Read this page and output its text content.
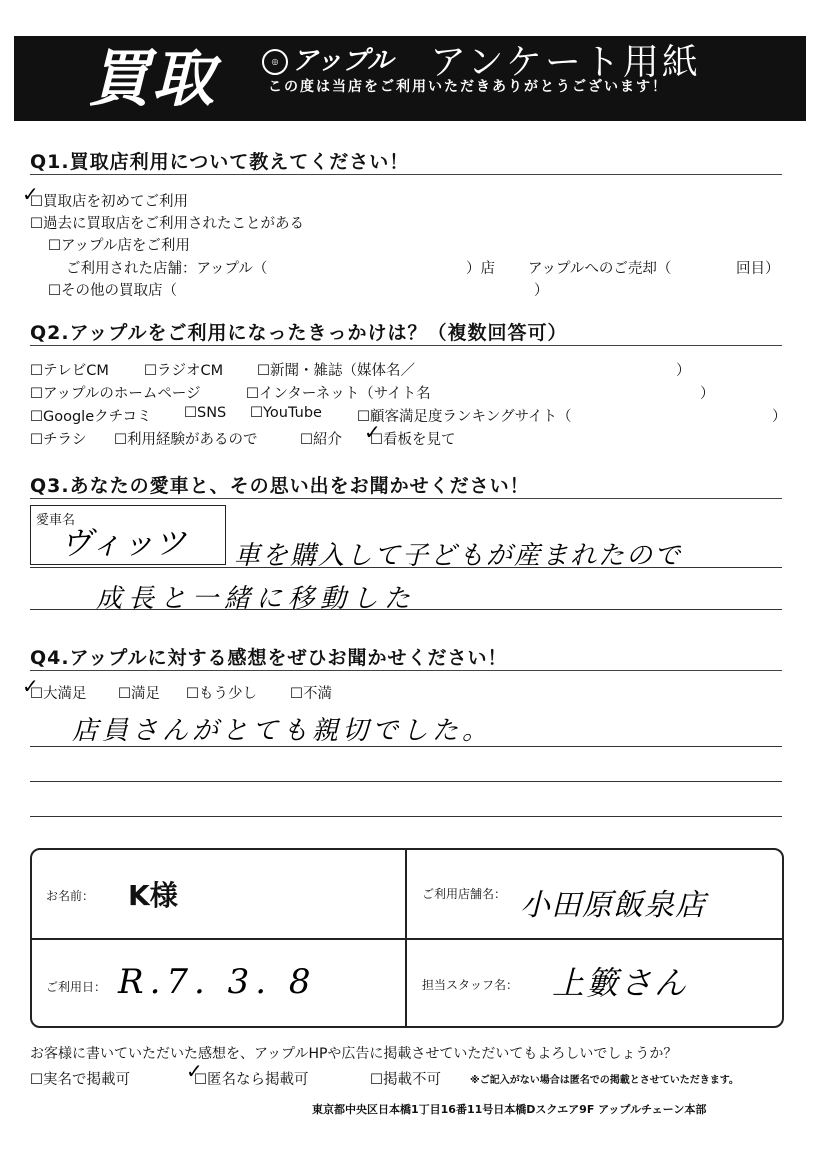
買取	◎ アップル アンケート用紙
この度は当店をご利用いただきありがとうございます！
Q1.買取店利用について教えてください！
✓ ☐ 買取店を初めてご利用
☐ 過去に買取店をご利用されたことがある
☐ アップル店をご利用
ご利用された店舗：アップル（	）店 アップルへのご売却（	回目）
☐ その他の買取店（	）
Q2.アップルをご利用になったきっかけは？（複数回答可）
☐ テレビCM	☐ ラジオCM	☐ 新聞・雑誌（媒体名／	）
☐ アップルのホームページ	☐ インターネット（サイト名	）
☐ Googleクチコミ	☐ SNS	☐ YouTube	☐ 顧客満足度ランキングサイト（	）
☐ チラシ	☐ 利用経験があるので	☐ 紹介 ✓ ☐ 看板を見て
Q3.あなたの愛車と、その思い出をお聞かせください！
愛車名
ヴィッツ 車を購入して子どもが産まれたので
成長と一緒に移動した
Q4.アップルに対する感想をぜひお聞かせください！
✓ ☐ 大満足	☐ 満足	☐ もう少し	☐ 不満
店員さんがとても親切でした。
お名前： K様	ご利用店舗名： 小田原飯泉店
ご利用日： R.7. 3. 8	担当スタッフ名： 上籔さん
お客様に書いていただいた感想を、アップルHPや広告に掲載させていただいてもよろしいでしょうか？
☐ 実名で掲載可	✓ ☐ 匿名なら掲載可	☐ 掲載不可	※ご記入がない場合は匿名での掲載とさせていただきます。
東京都中央区日本橋1丁目16番11号日本橋Dスクエア9F アップルチェーン本部
